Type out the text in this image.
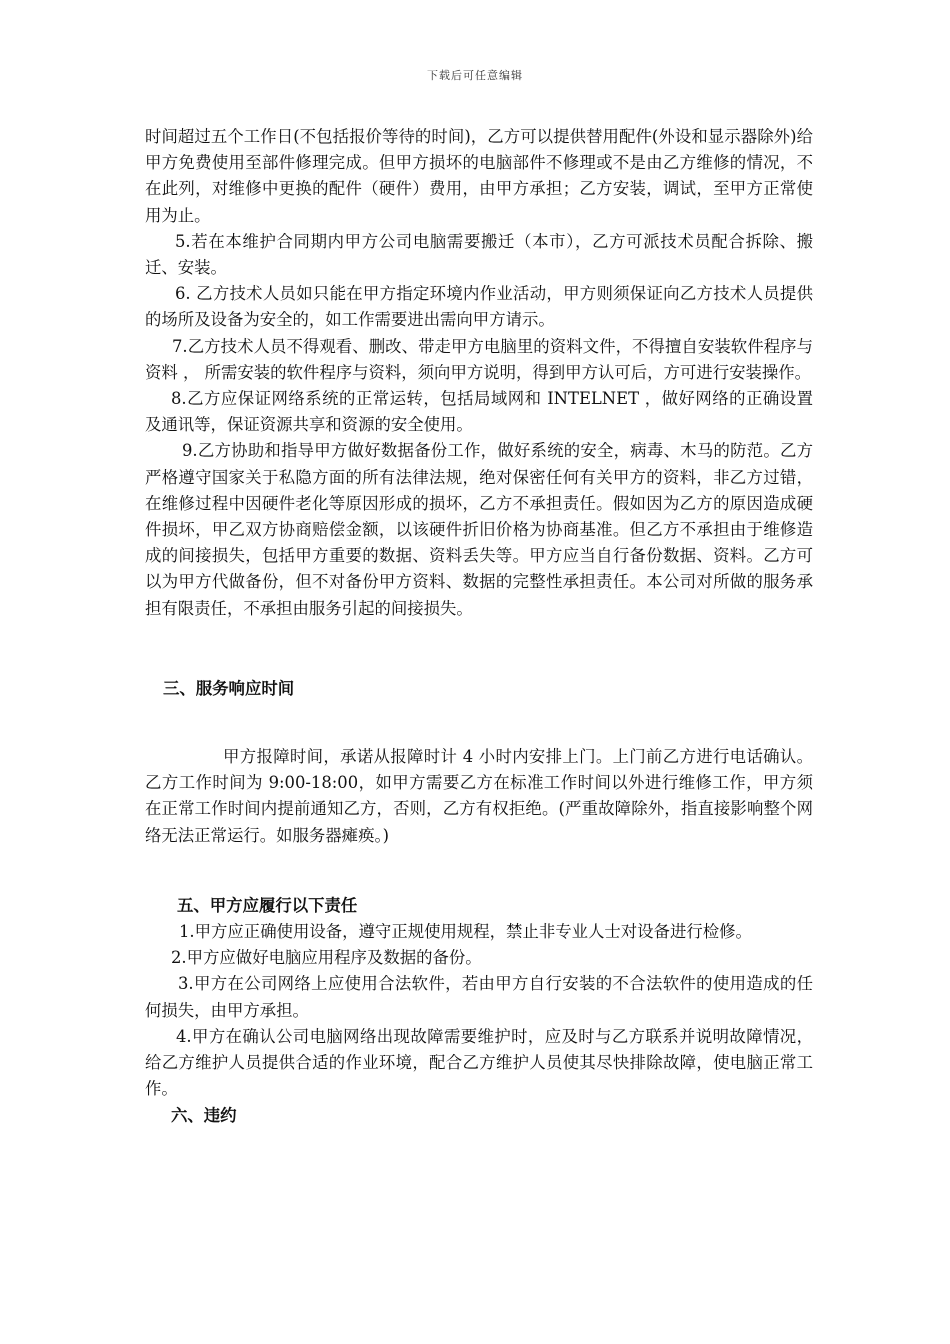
下载后可任意编辑

时间超过五个工作日(不包括报价等待的时间)，乙方可以提供替用配件(外设和显示器除外)给甲方免费使用至部件修理完成。但甲方损坏的电脑部件不修理或不是由乙方维修的情况，不在此列，对维修中更换的配件（硬件）费用，由甲方承担；乙方安装，调试，至甲方正常使用为止。

5.若在本维护合同期内甲方公司电脑需要搬迁（本市），乙方可派技术员配合拆除、搬迁、安装。

6. 乙方技术人员如只能在甲方指定环境内作业活动，甲方则须保证向乙方技术人员提供的场所及设备为安全的，如工作需要进出需向甲方请示。

7.乙方技术人员不得观看、删改、带走甲方电脑里的资料文件，不得擅自安装软件程序与资料 ， 所需安装的软件程序与资料，须向甲方说明，得到甲方认可后，方可进行安装操作。

8.乙方应保证网络系统的正常运转，包括局域网和 INTELNET ，做好网络的正确设置及通讯等，保证资源共享和资源的安全使用。

9.乙方协助和指导甲方做好数据备份工作，做好系统的安全，病毒、木马的防范。乙方严格遵守国家关于私隐方面的所有法律法规，绝对保密任何有关甲方的资料，非乙方过错，在维修过程中因硬件老化等原因形成的损坏，乙方不承担责任。假如因为乙方的原因造成硬件损坏，甲乙双方协商赔偿金额，以该硬件折旧价格为协商基准。但乙方不承担由于维修造成的间接损失，包括甲方重要的数据、资料丢失等。甲方应当自行备份数据、资料。乙方可以为甲方代做备份，但不对备份甲方资料、数据的完整性承担责任。本公司对所做的服务承担有限责任，不承担由服务引起的间接损失。

三、服务响应时间

甲方报障时间，承诺从报障时计 4 小时内安排上门。上门前乙方进行电话确认。乙方工作时间为 9:00-18:00，如甲方需要乙方在标准工作时间以外进行维修工作，甲方须在正常工作时间内提前通知乙方，否则，乙方有权拒绝。(严重故障除外，指直接影响整个网络无法正常运行。如服务器瘫痪。)

五、甲方应履行以下责任

1.甲方应正确使用设备，遵守正规使用规程，禁止非专业人士对设备进行检修。

2.甲方应做好电脑应用程序及数据的备份。

3.甲方在公司网络上应使用合法软件，若由甲方自行安装的不合法软件的使用造成的任何损失，由甲方承担。

4.甲方在确认公司电脑网络出现故障需要维护时，应及时与乙方联系并说明故障情况，给乙方维护人员提供合适的作业环境，配合乙方维护人员使其尽快排除故障，使电脑正常工作。

六、违约
